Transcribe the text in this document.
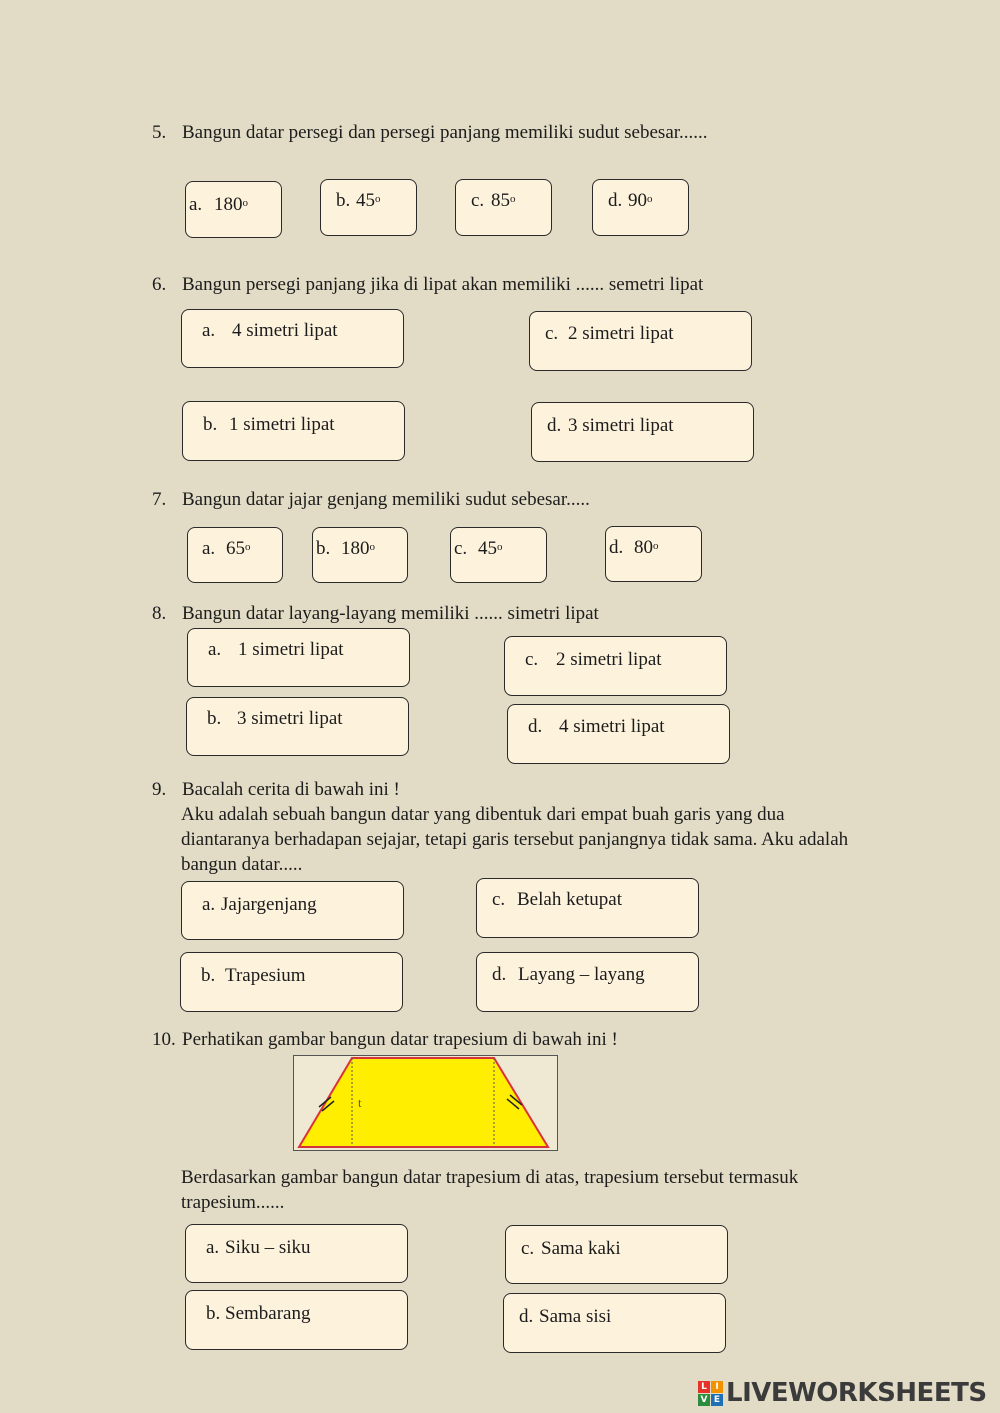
5. Bangun datar persegi dan persegi panjang memiliki sudut sebesar......
a. 180$^o$	b. 45$^o$	c. 85$^o$	d. 90$^o$
6. Bangun persegi panjang jika di lipat akan memiliki ...... semetri lipat
a. 4 simetri lipat	c. 2 simetri lipat
b. 1 simetri lipat	d. 3 simetri lipat
7. Bangun datar jajar genjang memiliki sudut sebesar.....
a. 65$^o$	b. 180$^o$	c. 45$^o$	d. 80$^o$
8. Bangun datar layang-layang memiliki ...... simetri lipat
a. 1 simetri lipat	c. 2 simetri lipat
b. 3 simetri lipat	d. 4 simetri lipat
9. Bacalah cerita di bawah ini !
Aku adalah sebuah bangun datar yang dibentuk dari empat buah garis yang dua diantaranya berhadapan sejajar, tetapi garis tersebut panjangnya tidak sama. Aku adalah bangun datar.....
a. Jajargenjang	c. Belah ketupat
b. Trapesium	d. Layang – layang
10. Perhatikan gambar bangun datar trapesium di bawah ini !
t
Berdasarkan gambar bangun datar trapesium di atas, trapesium tersebut termasuk trapesium......
a. Siku – siku	c. Sama kaki
b. Sembarang	d. Sama sisi
L I
V E LIVEWORKSHEETS
